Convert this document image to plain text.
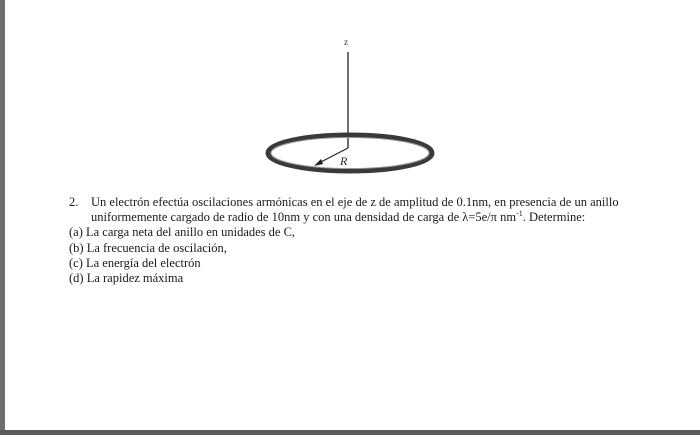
z
R
2.	Un electrón efectúa oscilaciones armónicas en el eje de z de amplitud de 0.1nm, en presencia de un anillo
uniformemente cargado de radio de 10nm y con una densidad de carga de λ=5e/π $nm^{-1}$. Determine:
(a) La carga neta del anillo en unidades de C,
(b) La frecuencia de oscilación,
(c) La energía del electrón
(d) La rapidez máxima
